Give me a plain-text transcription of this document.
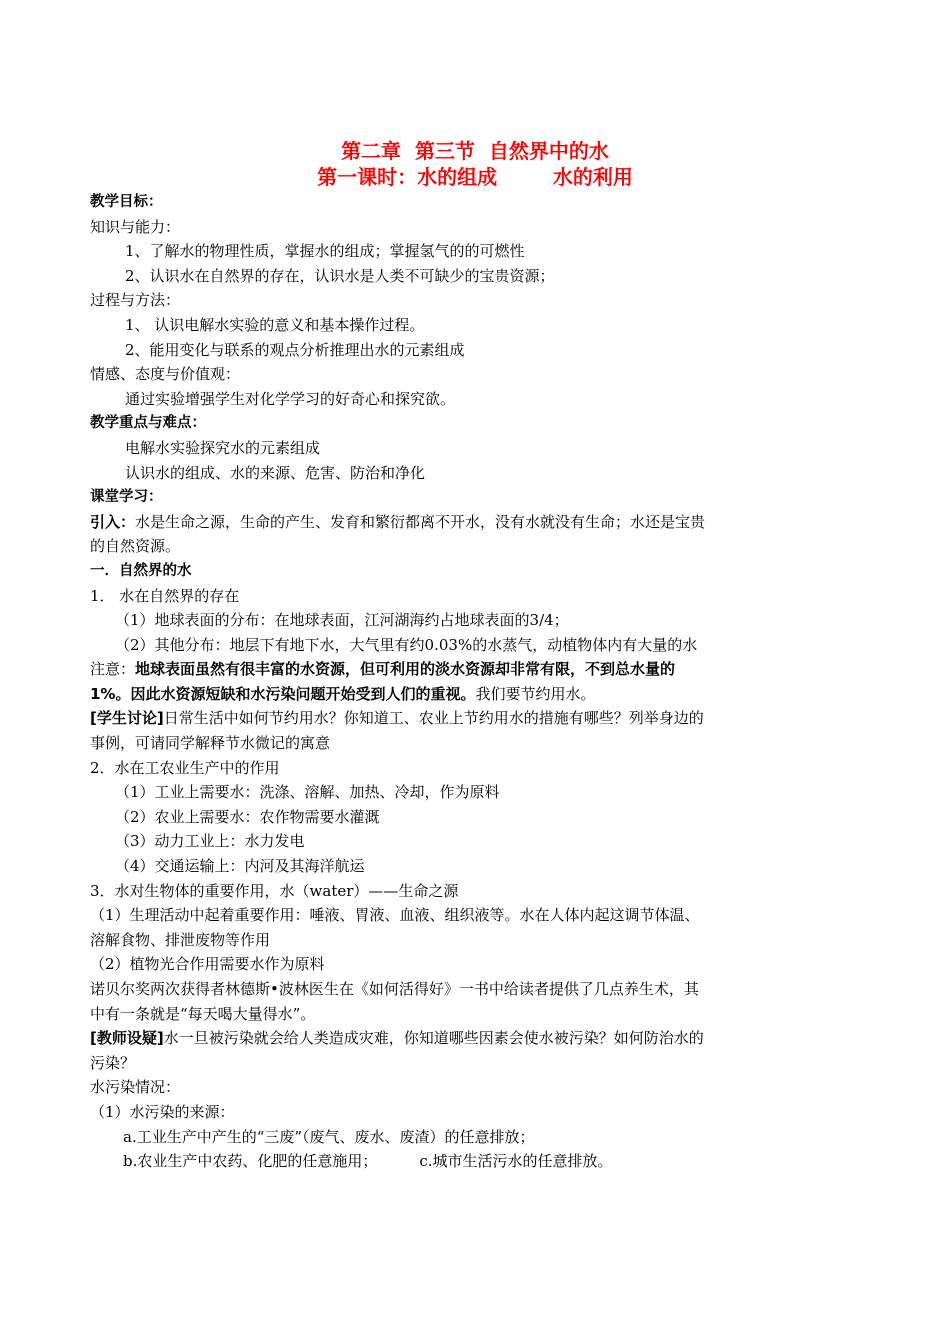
第二章  第三节  自然界中的水
第一课时：水的组成        水的利用
教学目标：
知识与能力：
1、了解水的物理性质，掌握水的组成；掌握氢气的的可燃性
2、认识水在自然界的存在，认识水是人类不可缺少的宝贵资源；
过程与方法：
1、 认识电解水实验的意义和基本操作过程。
2、能用变化与联系的观点分析推理出水的元素组成
情感、态度与价值观：
通过实验增强学生对化学学习的好奇心和探究欲。
教学重点与难点：
电解水实验探究水的元素组成
认识水的组成、水的来源、危害、防治和净化
课堂学习：
引入：水是生命之源，生命的产生、发育和繁衍都离不开水，没有水就没有生命；水还是宝贵的自然资源。
一．自然界的水
1． 水在自然界的存在
（1）地球表面的分布：在地球表面，江河湖海约占地球表面的3/4；
（2）其他分布：地层下有地下水，大气里有约0.03%的水蒸气，动植物体内有大量的水
注意：地球表面虽然有很丰富的水资源，但可利用的淡水资源却非常有限，不到总水量的1%。因此水资源短缺和水污染问题开始受到人们的重视。我们要节约用水。
[学生讨论]日常生活中如何节约用水？你知道工、农业上节约用水的措施有哪些？列举身边的事例，可请同学解释节水微记的寓意
2．水在工农业生产中的作用
（1）工业上需要水：洗涤、溶解、加热、冷却，作为原料
（2）农业上需要水：农作物需要水灌溉
（3）动力工业上：水力发电
（4）交通运输上：内河及其海洋航运
3．水对生物体的重要作用，水（water）——生命之源
（1）生理活动中起着重要作用：唾液、胃液、血液、组织液等。水在人体内起这调节体温、溶解食物、排泄废物等作用
（2）植物光合作用需要水作为原料
诺贝尔奖两次获得者林德斯•波林医生在《如何活得好》一书中给读者提供了几点养生术，其中有一条就是“每天喝大量得水”。
[教师设疑]水一旦被污染就会给人类造成灾难，你知道哪些因素会使水被污染？如何防治水的污染？
水污染情况：
（1）水污染的来源：
a.工业生产中产生的“三废”（废气、废水、废渣）的任意排放；
b.农业生产中农药、化肥的任意施用；	c.城市生活污水的任意排放。
